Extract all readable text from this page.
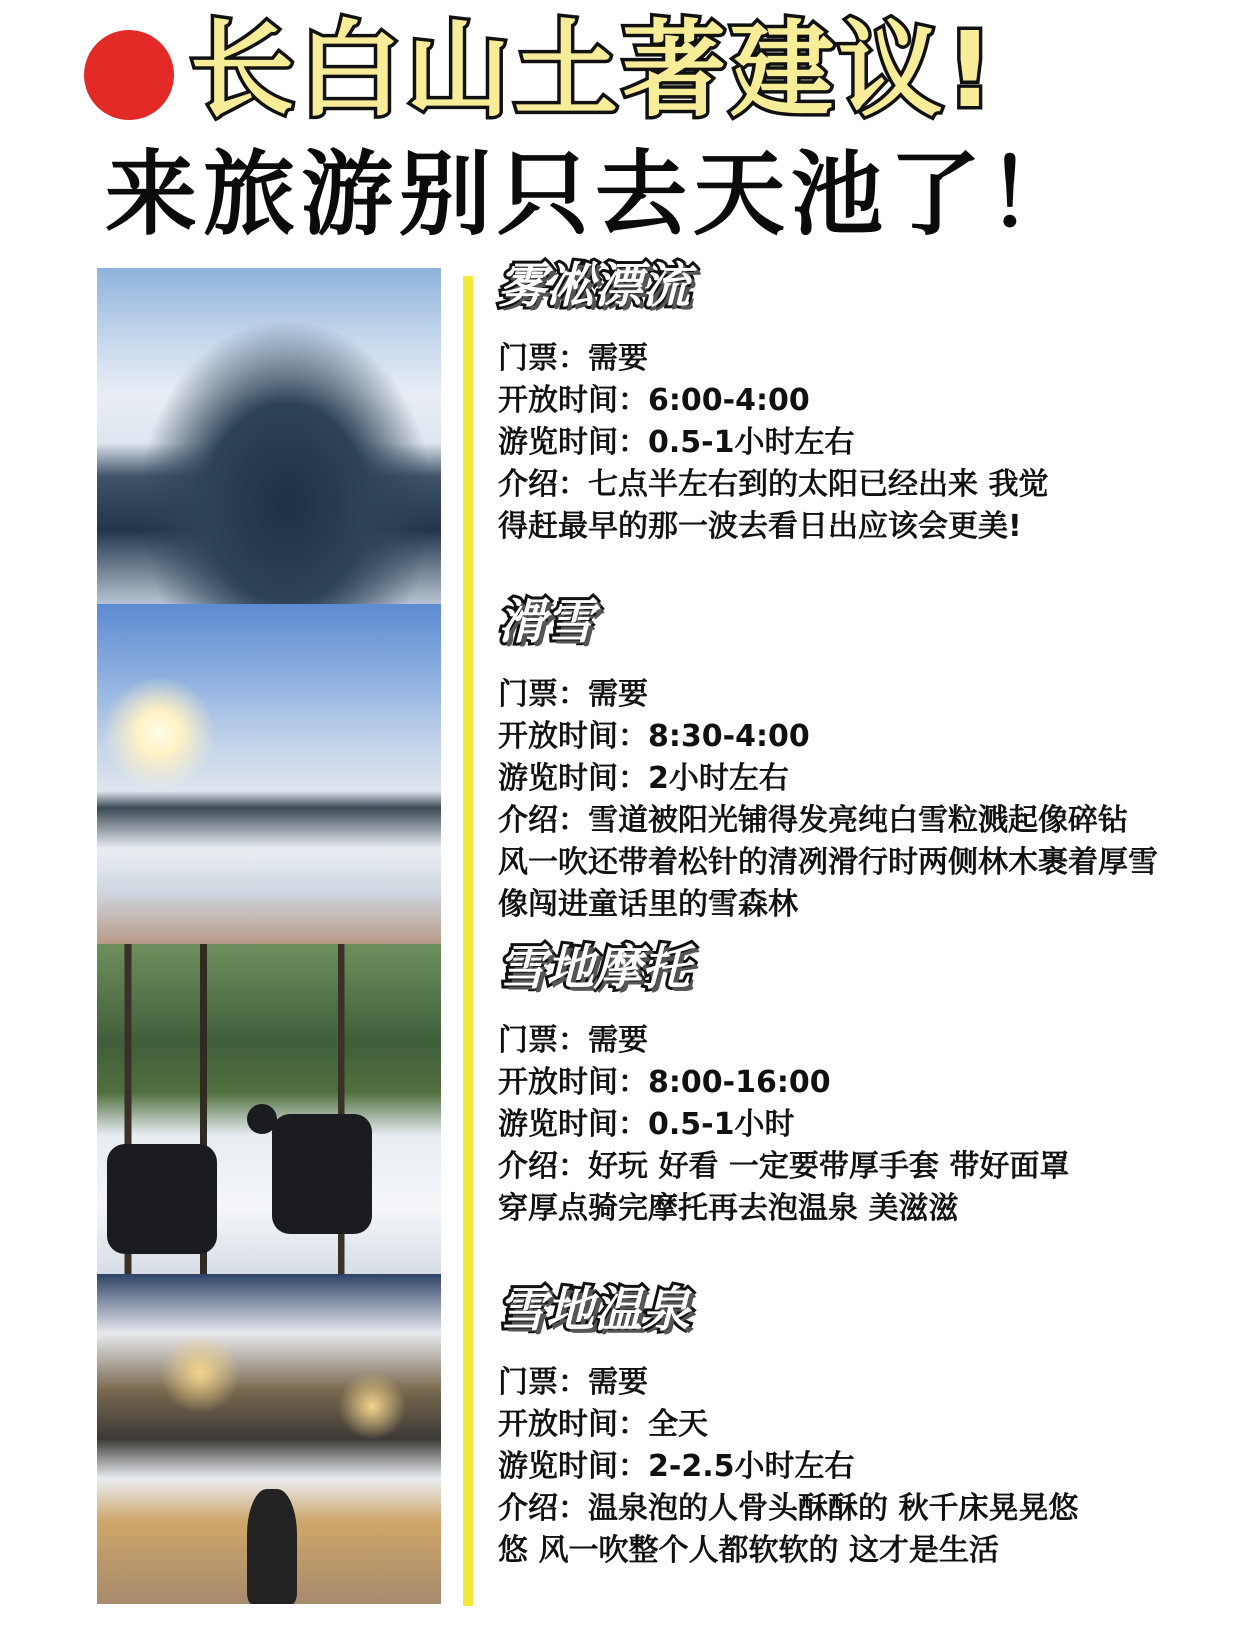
长白山土著建议!
来旅游别只去天池了！
雾凇漂流
门票：需要
开放时间：6:00-4:00
游览时间：0.5-1小时左右
介绍：七点半左右到的太阳已经出来 我觉
得赶最早的那一波去看日出应该会更美!
滑雪
门票：需要
开放时间：8:30-4:00
游览时间：2小时左右
介绍：雪道被阳光铺得发亮纯白雪粒溅起像碎钻
风一吹还带着松针的清冽滑行时两侧林木裹着厚雪
像闯进童话里的雪森林
雪地摩托
门票：需要
开放时间：8:00-16:00
游览时间：0.5-1小时
介绍：好玩 好看 一定要带厚手套 带好面罩
穿厚点骑完摩托再去泡温泉 美滋滋
雪地温泉
门票：需要
开放时间：全天
游览时间：2-2.5小时左右
介绍：温泉泡的人骨头酥酥的 秋千床晃晃悠
悠 风一吹整个人都软软的 这才是生活
